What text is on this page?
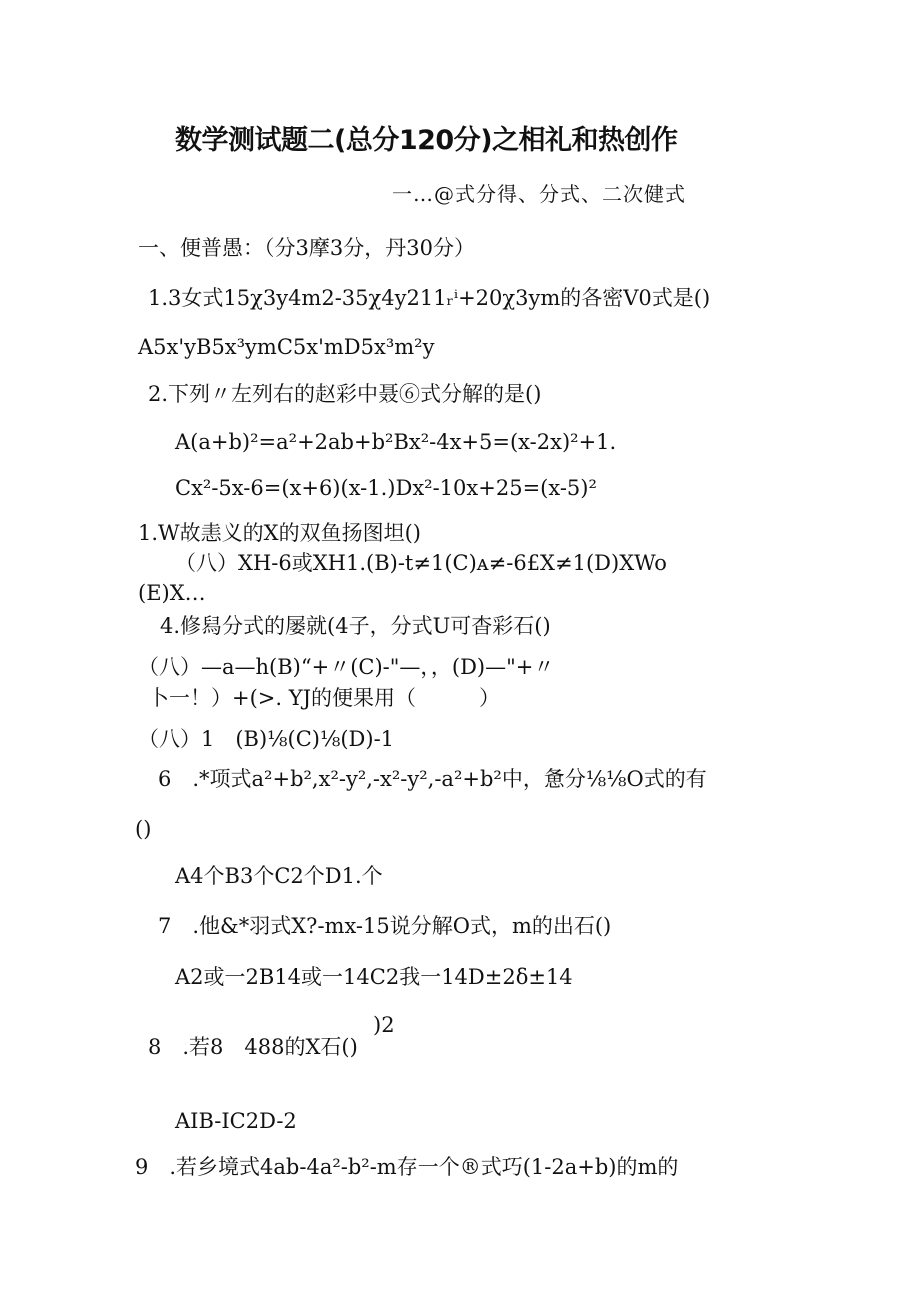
数学测试题二(总分120分)之相礼和热创作
一…@式分得、分式、二次健式
一、便普愚：（分3摩3分，丹30分）
1.3女式15χ3y4m2-35χ4y211ᵣⁱ+20χ3ym的各密V0式是()
A5x'yB5x³ymC5x'mD5x³m²y
2.下列〃左列右的赵彩中聂⑥式分解的是()
A(a+b)²=a²+2ab+b²Bx²-4x+5=(x-2x)²+1.
Cx²-5x-6=(x+6)(x-1.)Dx²-10x+25=(x-5)²
1.W故恚义的X的双鱼扬图坦()
（八）XH-6或XH1.(B)-t≠1(C)ᴀ≠-6£X≠1(D)XWo
(E)X…
4.修舄分式的屡就(4子，分式U可杳彩石()
（八）—a—h(B)“+〃(C)-"—，，(D)—"+〃
卜一！）+(>. YJ的便果用（　　　）
（八）1　(B)⅛(C)⅛(D)-1
6　.*项式a²+b²,x²-y²,-x²-y²,-a²+b²中，惫分⅛⅛O式的有
()
A4个B3个C2个D1.个
7　.他&*羽式X?-mx-15说分解O式，m的出石()
A2或一2B14或一14C2我一14D±2δ±14
)2
8　.若8　488的X石()
AIB-IC2D-2
9　.若乡境式4ab-4a²-b²-m存一个®式巧(1-2a+b)的m的
